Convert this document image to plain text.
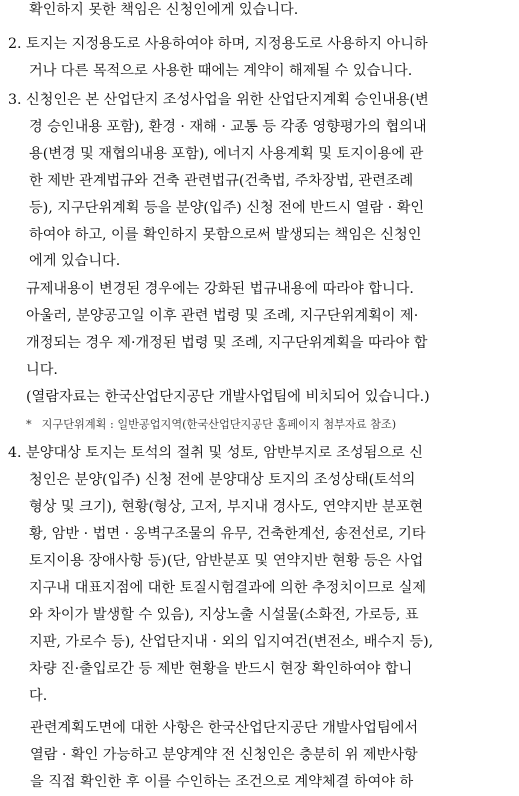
확인하지 못한 책임은 신청인에게 있습니다.
2. 토지는 지정용도로 사용하여야 하며, 지정용도로 사용하지 아니하
거나 다른 목적으로 사용한 때에는 계약이 해제될 수 있습니다.
3. 신청인은 본 산업단지 조성사업을 위한 산업단지계획 승인내용(변
경 승인내용 포함), 환경 · 재해 · 교통 등 각종 영향평가의 협의내
용(변경 및 재협의내용 포함), 에너지 사용계획 및 토지이용에 관
한 제반 관계법규와 건축 관련법규(건축법, 주차장법, 관련조례
등), 지구단위계획 등을 분양(입주) 신청 전에 반드시 열람 · 확인
하여야 하고, 이를 확인하지 못함으로써 발생되는 책임은 신청인
에게 있습니다.
규제내용이 변경된 경우에는 강화된 법규내용에 따라야 합니다.
아울러, 분양공고일 이후 관련 법령 및 조례, 지구단위계획이 제·
개정되는 경우 제·개정된 법령 및 조례, 지구단위계획을 따라야 합
니다.
(열람자료는 한국산업단지공단 개발사업팀에 비치되어 있습니다.)
* 지구단위계획 : 일반공업지역(한국산업단지공단 홈페이지 첨부자료 참조)
4. 분양대상 토지는 토석의 절취 및 성토, 암반부지로 조성됨으로 신
청인은 분양(입주) 신청 전에 분양대상 토지의 조성상태(토석의
형상 및 크기), 현황(형상, 고저, 부지내 경사도, 연약지반 분포현
황, 암반 · 법면 · 옹벽구조물의 유무, 건축한계선, 송전선로, 기타
토지이용 장애사항 등)(단, 암반분포 및 연약지반 현황 등은 사업
지구내 대표지점에 대한 토질시험결과에 의한 추정치이므로 실제
와 차이가 발생할 수 있음), 지상노출 시설물(소화전, 가로등, 표
지판, 가로수 등), 산업단지내 · 외의 입지여건(변전소, 배수지 등),
차량 진·출입로간 등 제반 현황을 반드시 현장 확인하여야 합니
다.
관련계획도면에 대한 사항은 한국산업단지공단 개발사업팀에서
열람 · 확인 가능하고 분양계약 전 신청인은 충분히 위 제반사항
을 직접 확인한 후 이를 수인하는 조건으로 계약체결 하여야 하
